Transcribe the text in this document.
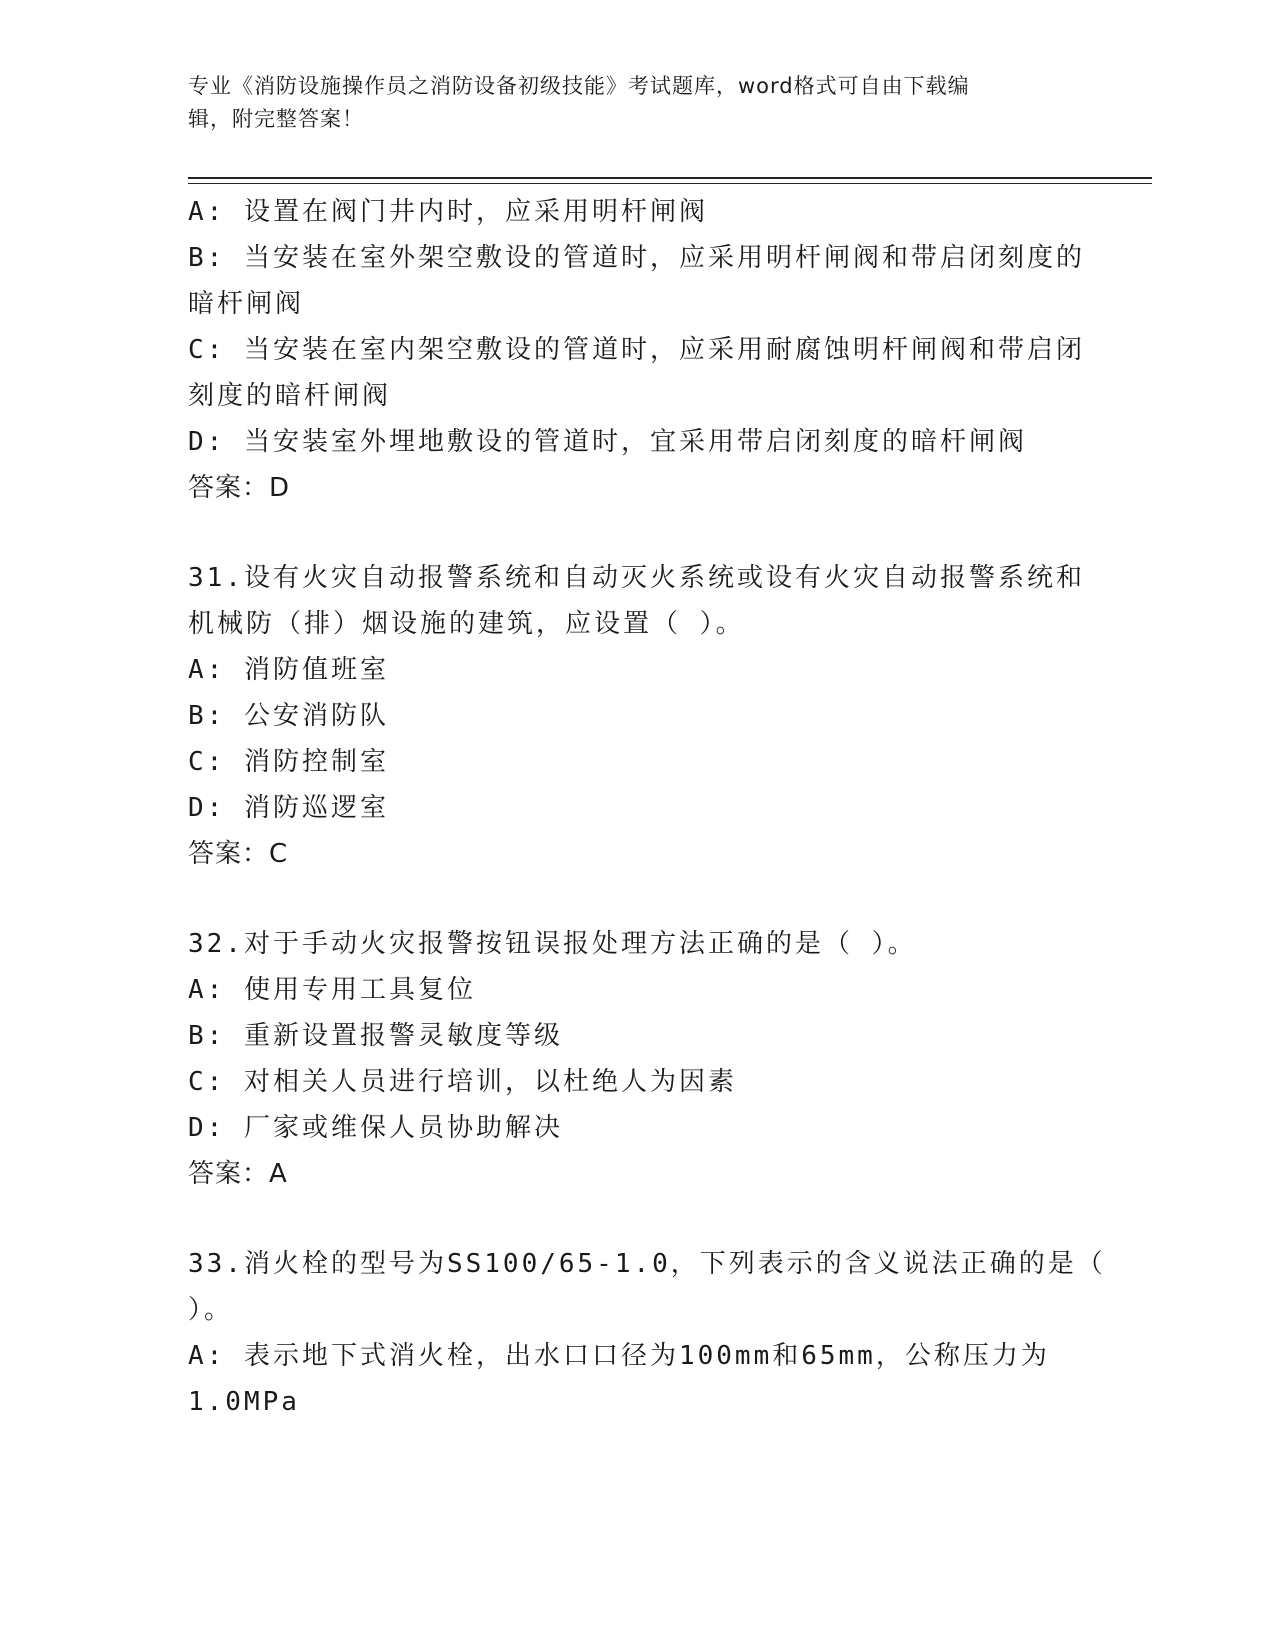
专业《消防设施操作员之消防设备初级技能》考试题库，word格式可自由下载编
辑，附完整答案！
A: 设置在阀门井内时，应采用明杆闸阀
B: 当安装在室外架空敷设的管道时，应采用明杆闸阀和带启闭刻度的
暗杆闸阀
C: 当安装在室内架空敷设的管道时，应采用耐腐蚀明杆闸阀和带启闭
刻度的暗杆闸阀
D: 当安装室外埋地敷设的管道时，宜采用带启闭刻度的暗杆闸阀
答案：D
31.设有火灾自动报警系统和自动灭火系统或设有火灾自动报警系统和
机械防（排）烟设施的建筑，应设置（ ）。
A: 消防值班室
B: 公安消防队
C: 消防控制室
D: 消防巡逻室
答案：C
32.对于手动火灾报警按钮误报处理方法正确的是（ ）。
A: 使用专用工具复位
B: 重新设置报警灵敏度等级
C: 对相关人员进行培训，以杜绝人为因素
D: 厂家或维保人员协助解决
答案：A
33.消火栓的型号为SS100/65-1.0，下列表示的含义说法正确的是（
）。
A: 表示地下式消火栓，出水口口径为100mm和65mm，公称压力为
1.0MPa
